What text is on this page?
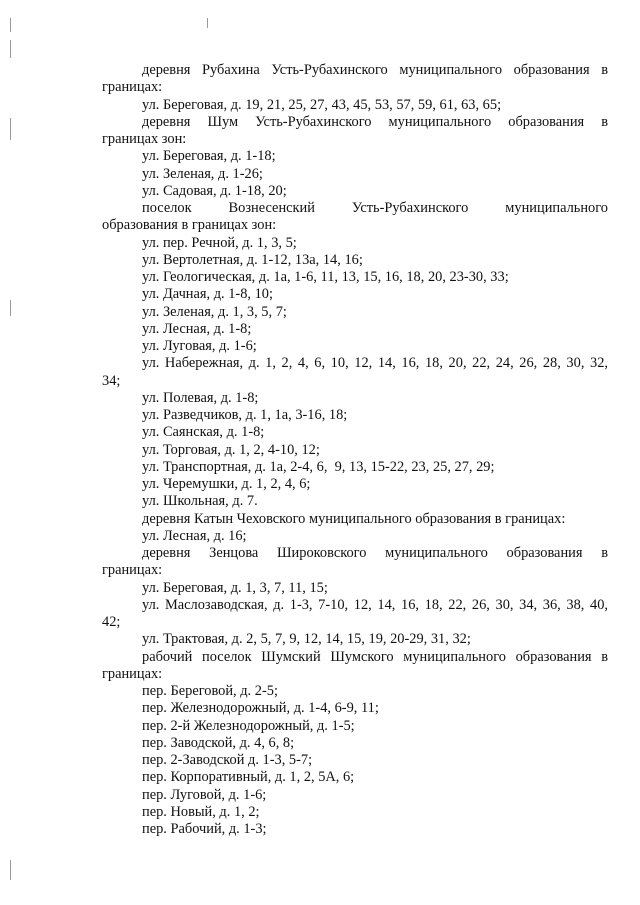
деревня Рубахина Усть-Рубахинского муниципального образования в
границах:
ул. Береговая, д. 19, 21, 25, 27, 43, 45, 53, 57, 59, 61, 63, 65;
деревня Шум Усть-Рубахинского муниципального образования в
границах зон:
ул. Береговая, д. 1-18;
ул. Зеленая, д. 1-26;
ул. Садовая, д. 1-18, 20;
поселок Вознесенский Усть-Рубахинского муниципального
образования в границах зон:
ул. пер. Речной, д. 1, 3, 5;
ул. Вертолетная, д. 1-12, 13а, 14, 16;
ул. Геологическая, д. 1а, 1-6, 11, 13, 15, 16, 18, 20, 23-30, 33;
ул. Дачная, д. 1-8, 10;
ул. Зеленая, д. 1, 3, 5, 7;
ул. Лесная, д. 1-8;
ул. Луговая, д. 1-6;
ул. Набережная, д. 1, 2, 4, 6, 10, 12, 14, 16, 18, 20, 22, 24, 26, 28, 30, 32,
34;
ул. Полевая, д. 1-8;
ул. Разведчиков, д. 1, 1а, 3-16, 18;
ул. Саянская, д. 1-8;
ул. Торговая, д. 1, 2, 4-10, 12;
ул. Транспортная, д. 1а, 2-4, 6,  9, 13, 15-22, 23, 25, 27, 29;
ул. Черемушки, д. 1, 2, 4, 6;
ул. Школьная, д. 7.
деревня Катын Чеховского муниципального образования в границах:
ул. Лесная, д. 16;
деревня Зенцова Широковского муниципального образования в
границах:
ул. Береговая, д. 1, 3, 7, 11, 15;
ул. Маслозаводская, д. 1-3, 7-10, 12, 14, 16, 18, 22, 26, 30, 34, 36, 38, 40,
42;
ул. Трактовая, д. 2, 5, 7, 9, 12, 14, 15, 19, 20-29, 31, 32;
рабочий поселок Шумский Шумского муниципального образования в
границах:
пер. Береговой, д. 2-5;
пер. Железнодорожный, д. 1-4, 6-9, 11;
пер. 2-й Железнодорожный, д. 1-5;
пер. Заводской, д. 4, 6, 8;
пер. 2-Заводской д. 1-3, 5-7;
пер. Корпоративный, д. 1, 2, 5А, 6;
пер. Луговой, д. 1-6;
пер. Новый, д. 1, 2;
пер. Рабочий, д. 1-3;
